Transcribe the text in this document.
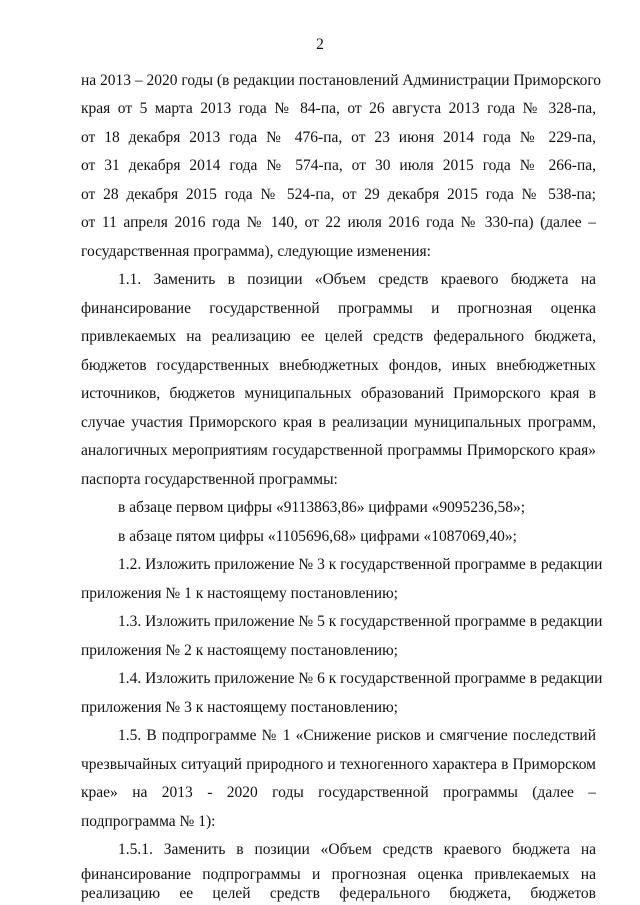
2
на 2013 – 2020 годы (в редакции постановлений Администрации Приморского
края от 5 марта 2013 года № 84-па, от 26 августа 2013 года № 328-па,
от 18 декабря 2013 года № 476-па, от 23 июня 2014 года № 229-па,
от 31 декабря 2014 года № 574-па, от 30 июля 2015 года № 266-па,
от 28 декабря 2015 года № 524-па, от 29 декабря 2015 года № 538-па;
от 11 апреля 2016 года № 140, от 22 июля 2016 года № 330-па) (далее –
государственная программа), следующие изменения:
1.1. Заменить в позиции «Объем средств краевого бюджета на
финансирование государственной программы и прогнозная оценка
привлекаемых на реализацию ее целей средств федерального бюджета,
бюджетов государственных внебюджетных фондов, иных внебюджетных
источников, бюджетов муниципальных образований Приморского края в
случае участия Приморского края в реализации муниципальных программ,
аналогичных мероприятиям государственной программы Приморского края»
паспорта государственной программы:
в абзаце первом цифры «9113863,86» цифрами «9095236,58»;
в абзаце пятом цифры «1105696,68» цифрами «1087069,40»;
1.2. Изложить приложение № 3 к государственной программе в редакции
приложения № 1 к настоящему постановлению;
1.3. Изложить приложение № 5 к государственной программе в редакции
приложения № 2 к настоящему постановлению;
1.4. Изложить приложение № 6 к государственной программе в редакции
приложения № 3 к настоящему постановлению;
1.5. В подпрограмме № 1 «Снижение рисков и смягчение последствий
чрезвычайных ситуаций природного и техногенного характера в Приморском
крае» на 2013 - 2020 годы государственной программы (далее –
подпрограмма № 1):
1.5.1. Заменить в позиции «Объем средств краевого бюджета на
финансирование подпрограммы и прогнозная оценка привлекаемых на
реализацию ее целей средств федерального бюджета, бюджетов
